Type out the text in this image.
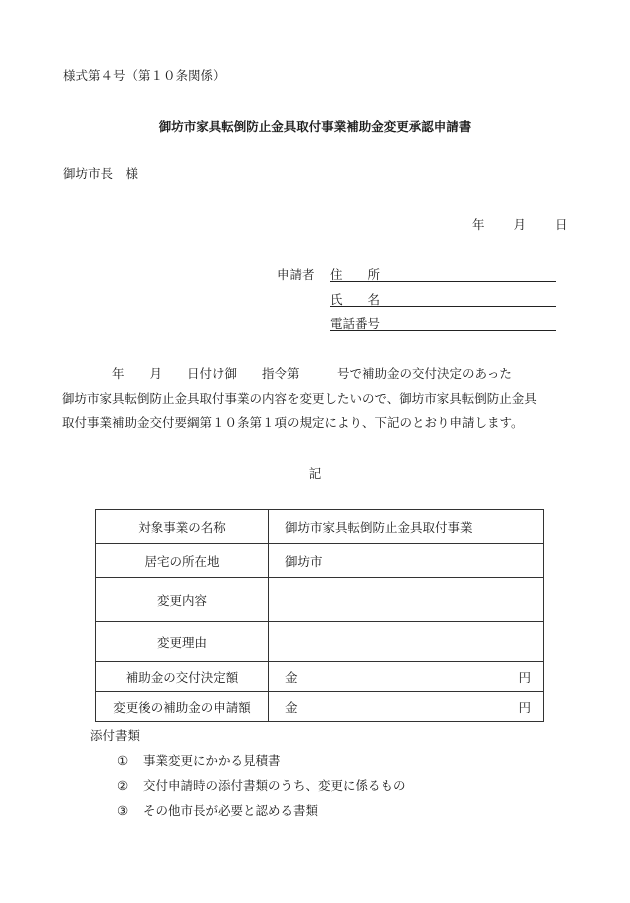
様式第４号（第１０条関係）
御坊市家具転倒防止金具取付事業補助金変更承認申請書
御坊市長　様
年 月 日
申請者 住　　所
氏　　名
電話番号
　　　　年　　月　　日付け御　　指令第　　　号で補助金の交付決定のあった
御坊市家具転倒防止金具取付事業の内容を変更したいので、御坊市家具転倒防止金具
取付事業補助金交付要綱第１０条第１項の規定により、下記のとおり申請します。
記
対象事業の名称	御坊市家具転倒防止金具取付事業
居宅の所在地	御坊市
変更内容	
変更理由	
補助金の交付決定額	金 円

変更後の補助金の申請額	金 円
添付書類
① 事業変更にかかる見積書
② 交付申請時の添付書類のうち、変更に係るもの
③ その他市長が必要と認める書類
